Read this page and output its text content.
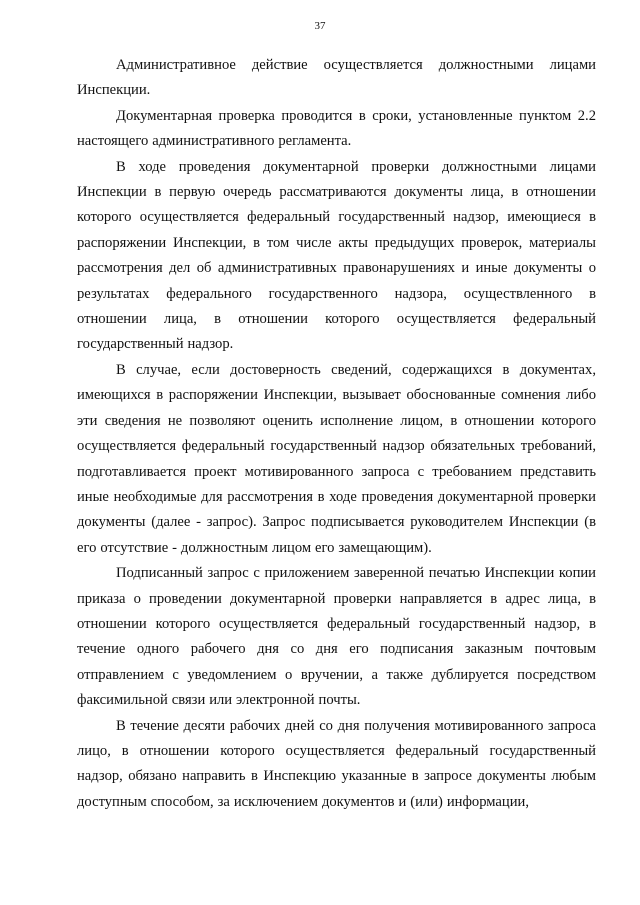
37

Административное действие осуществляется должностными лицами Инспекции.

Документарная проверка проводится в сроки, установленные пунктом 2.2 настоящего административного регламента.

В ходе проведения документарной проверки должностными лицами Инспекции в первую очередь рассматриваются документы лица, в отношении которого осуществляется федеральный государственный надзор, имеющиеся в распоряжении Инспекции, в том числе акты предыдущих проверок, материалы рассмотрения дел об административных правонарушениях и иные документы о результатах федерального государственного надзора, осуществленного в отношении лица, в отношении которого осуществляется федеральный государственный надзор.

В случае, если достоверность сведений, содержащихся в документах, имеющихся в распоряжении Инспекции, вызывает обоснованные сомнения либо эти сведения не позволяют оценить исполнение лицом, в отношении которого осуществляется федеральный государственный надзор обязательных требований, подготавливается проект мотивированного запроса с требованием представить иные необходимые для рассмотрения в ходе проведения документарной проверки документы (далее - запрос). Запрос подписывается руководителем Инспекции (в его отсутствие - должностным лицом его замещающим).

Подписанный запрос с приложением заверенной печатью Инспекции копии приказа о проведении документарной проверки направляется в адрес лица, в отношении которого осуществляется федеральный государственный надзор, в течение одного рабочего дня со дня его подписания заказным почтовым отправлением с уведомлением о вручении, а также дублируется посредством факсимильной связи или электронной почты.

В течение десяти рабочих дней со дня получения мотивированного запроса лицо, в отношении которого осуществляется федеральный государственный надзор, обязано направить в Инспекцию указанные в запросе документы любым доступным способом, за исключением документов и (или) информации,
